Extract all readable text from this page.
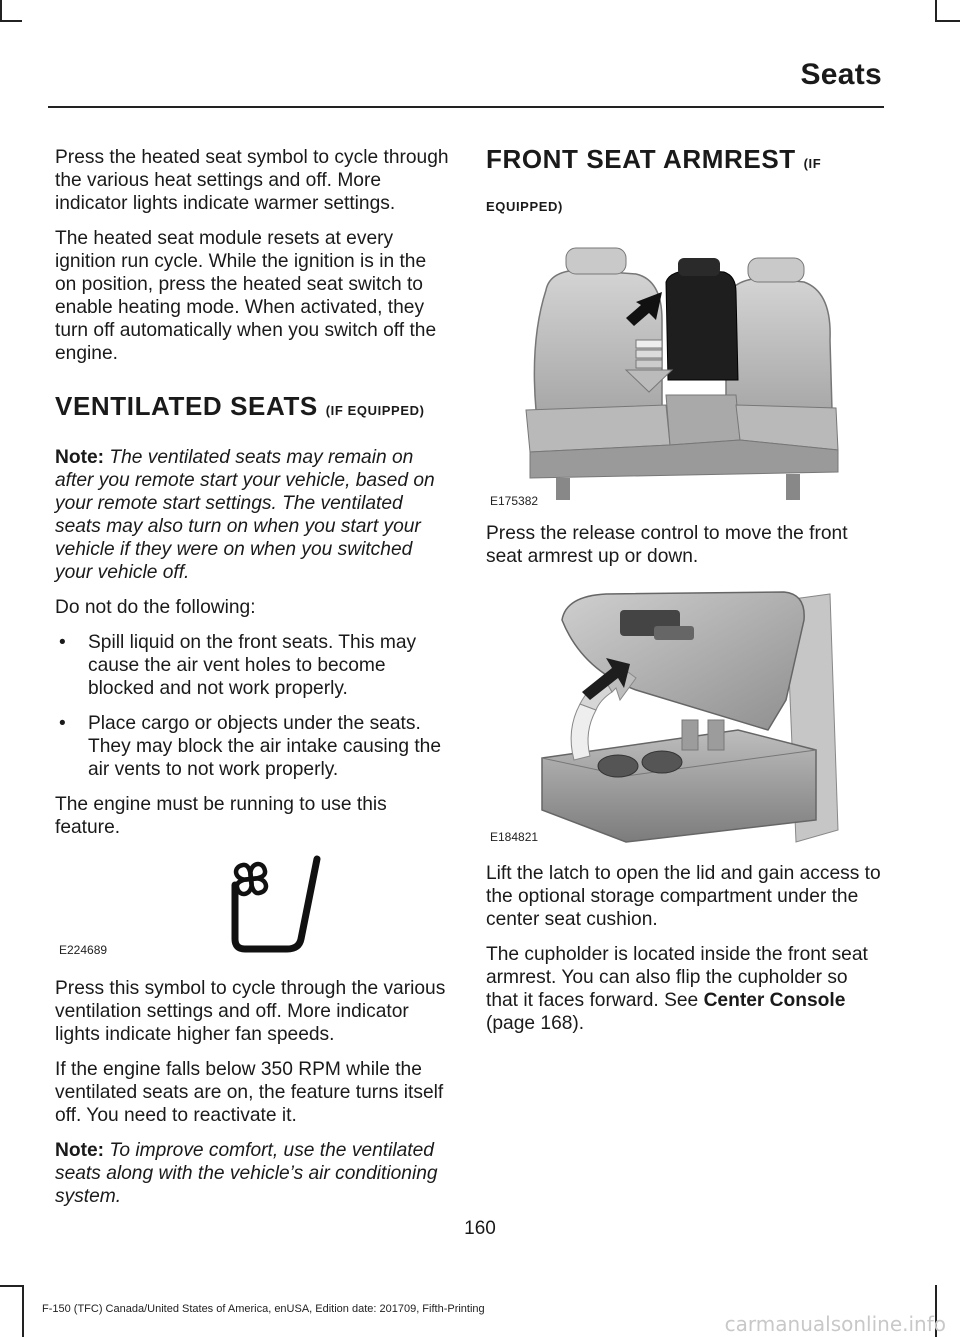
Seats

Press the heated seat symbol to cycle through the various heat settings and off. More indicator lights indicate warmer settings.

The heated seat module resets at every ignition run cycle. While the ignition is in the on position, press the heated seat switch to enable heating mode. When activated, they turn off automatically when you switch off the engine.

VENTILATED SEATS (IF EQUIPPED)

Note: The ventilated seats may remain on after you remote start your vehicle, based on your remote start settings. The ventilated seats may also turn on when you start your vehicle if they were on when you switched your vehicle off.

Do not do the following:

• Spill liquid on the front seats. This may cause the air vent holes to become blocked and not work properly.
• Place cargo or objects under the seats. They may block the air intake causing the air vents to not work properly.

The engine must be running to use this feature.

E224689

Press this symbol to cycle through the various ventilation settings and off. More indicator lights indicate higher fan speeds.

If the engine falls below 350 RPM while the ventilated seats are on, the feature turns itself off. You need to reactivate it.

Note: To improve comfort, use the ventilated seats along with the vehicle’s air conditioning system.

FRONT SEAT ARMREST (IF
EQUIPPED)
E175382

Press the release control to move the front seat armrest up or down.

E184821

Lift the latch to open the lid and gain access to the optional storage compartment under the center seat cushion.

The cupholder is located inside the front seat armrest. You can also flip the cupholder so that it faces forward. See Center Console (page 168).

160
F-150 (TFC) Canada/United States of America, enUSA, Edition date: 201709, Fifth-Printing
carmanualsonline.info
